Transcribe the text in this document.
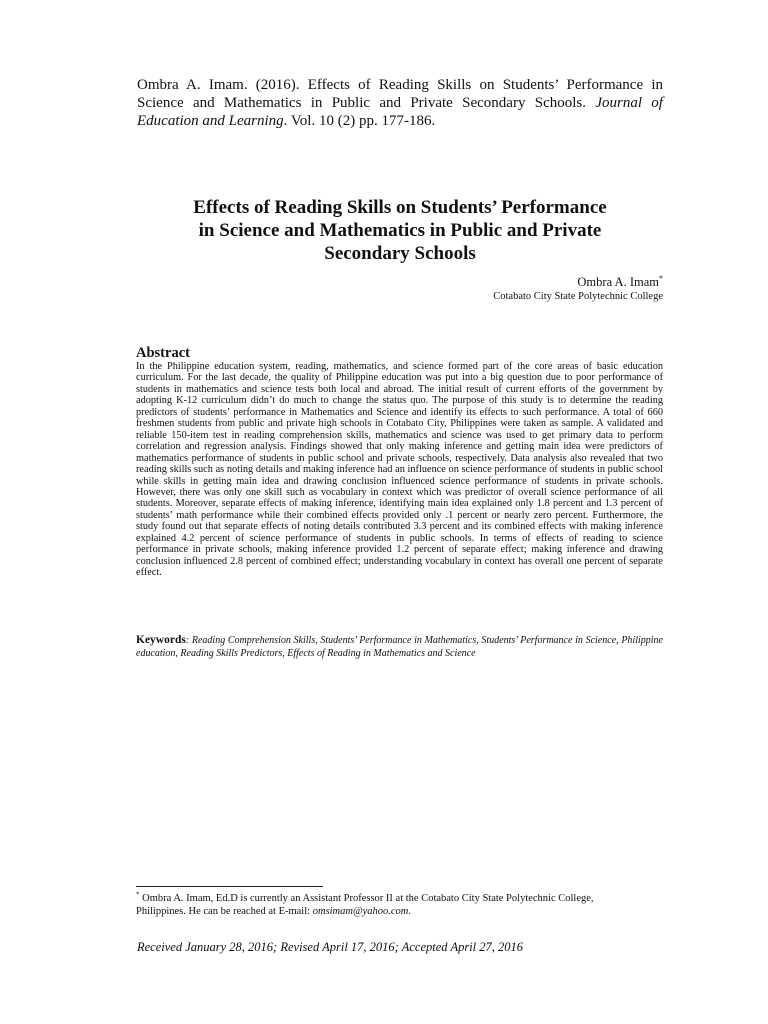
Ombra A. Imam. (2016). Effects of Reading Skills on Students’ Performance in Science and Mathematics in Public and Private Secondary Schools. Journal of Education and Learning. Vol. 10 (2) pp. 177-186.
Effects of Reading Skills on Students’ Performance
in Science and Mathematics in Public and Private
Secondary Schools
Ombra A. Imam*
Cotabato City State Polytechnic College
Abstract
In the Philippine education system, reading, mathematics, and science formed part of the core areas of basic education curriculum. For the last decade, the quality of Philippine education was put into a big question due to poor performance of students in mathematics and science tests both local and abroad. The initial result of current efforts of the government by adopting K-12 curriculum didn’t do much to change the status quo. The purpose of this study is to determine the reading predictors of students’ performance in Mathematics and Science and identify its effects to such performance. A total of 660 freshmen students from public and private high schools in Cotabato City, Philippines were taken as sample. A validated and reliable 150-item test in reading comprehension skills, mathematics and science was used to get primary data to perform correlation and regression analysis. Findings showed that only making inference and getting main idea were predictors of mathematics performance of students in public school and private schools, respectively. Data analysis also revealed that two reading skills such as noting details and making inference had an influence on science performance of students in public school while skills in getting main idea and drawing conclusion influenced science performance of students in private schools. However, there was only one skill such as vocabulary in context which was predictor of overall science performance of all students. Moreover, separate effects of making inference, identifying main idea explained only 1.8 percent and 1.3 percent of students’ math performance while their combined effects provided only .1 percent or nearly zero percent. Furthermore, the study found out that separate effects of noting details contributed 3.3 percent and its combined effects with making inference explained 4.2 percent of science performance of students in public schools. In terms of effects of reading to science performance in private schools, making inference provided 1.2 percent of separate effect; making inference and drawing conclusion influenced 2.8 percent of combined effect; understanding vocabulary in context has overall one percent of separate effect.
Keywords: Reading Comprehension Skills, Students’ Performance in Mathematics, Students’ Performance in Science, Philippine education, Reading Skills Predictors, Effects of Reading in Mathematics and Science
* Ombra A. Imam, Ed.D is currently an Assistant Professor II at the Cotabato City State Polytechnic College, Philippines. He can be reached at E-mail: omsimam@yahoo.com.
Received January 28, 2016; Revised April 17, 2016; Accepted April 27, 2016
